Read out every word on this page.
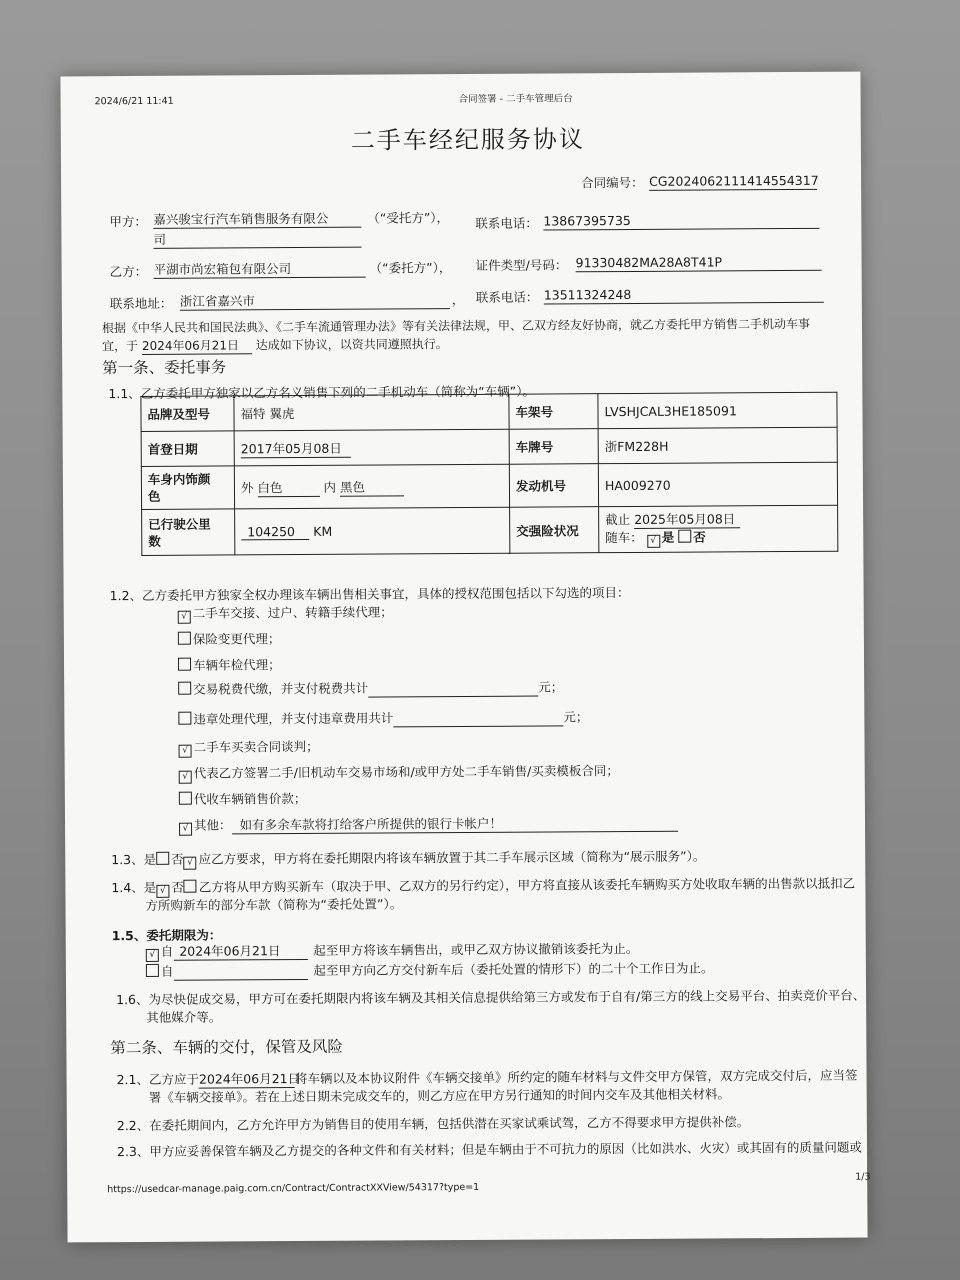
2024/6/21 11:41	合同签署 - 二手车管理后台
二手车经纪服务协议
合同编号： CG2024062111414554317
甲方： 嘉兴骏宝行汽车销售服务有限公
司
（“受托方”）， 联系电话： 13867395735
乙方： 平湖市尚宏箱包有限公司	（“委托方”）， 证件类型/号码： 91330482MA28A8T41P
联系地址： 浙江省嘉兴市	， 联系电话： 13511324248
根据《中华人民共和国民法典》、《二手车流通管理办法》等有关法律法规，甲、乙双方经友好协商，就乙方委托甲方销售二手机动车事
宜，于 2024年06月21日 达成如下协议，以资共同遵照执行。
第一条、委托事务
1.1、乙方委托甲方独家以乙方名义销售下列的二手机动车（简称为“车辆”）。
品牌及型号	福特 翼虎	车架号	LVSHJCAL3HE185091
首登日期	2017年05月08日	车牌号	浙FM228H
车身内饰颜
色	外 白色 内 黑色	发动机号	HA009270
已行驶公里
数	104250 KM	交强险状况	截止 2025年05月08日
随车： √ 是 否
1.2、乙方委托甲方独家全权办理该车辆出售相关事宜，具体的授权范围包括以下勾选的项目：
√ 二手车交接、过户、转籍手续代理；
保险变更代理；
车辆年检代理；
交易税费代缴，并支付税费共计	元；
违章处理代理，并支付违章费用共计	元；
√ 二手车买卖合同谈判；
√ 代表乙方签署二手/旧机动车交易市场和/或甲方处二手车销售/买卖模板合同；
代收车辆销售价款；
√ 其他： 如有多余车款将打给客户所提供的银行卡帐户！
1.3、是 否 √ 应乙方要求，甲方将在委托期限内将该车辆放置于其二手车展示区域（简称为“展示服务”）。
1.4、是 √ 否 乙方将从甲方购买新车（取决于甲、乙双方的另行约定），甲方将直接从该委托车辆购买方处收取车辆的出售款以抵扣乙
方所购新车的部分车款（简称为“委托处置”）。
1.5、委托期限为：
√ 自 2024年06月21日	起至甲方将该车辆售出，或甲乙双方协议撤销该委托为止。
自	起至甲方向乙方交付新车后（委托处置的情形下）的二十个工作日为止。
1.6、为尽快促成交易，甲方可在委托期限内将该车辆及其相关信息提供给第三方或发布于自有/第三方的线上交易平台、拍卖竞价平台、
其他媒介等。
第二条、车辆的交付，保管及风险
2.1、乙方应于2024年06月21日将车辆以及本协议附件《车辆交接单》所约定的随车材料与文件交甲方保管，双方完成交付后，应当签
署《车辆交接单》。若在上述日期未完成交车的，则乙方应在甲方另行通知的时间内交车及其他相关材料。
2.2、在委托期间内，乙方允许甲方为销售目的使用车辆，包括供潜在买家试乘试驾，乙方不得要求甲方提供补偿。
2.3、甲方应妥善保管车辆及乙方提交的各种文件和有关材料；但是车辆由于不可抗力的原因（比如洪水、火灾）或其固有的质量问题或
https://usedcar-manage.paig.com.cn/Contract/ContractXXView/54317?type=1
1/3
